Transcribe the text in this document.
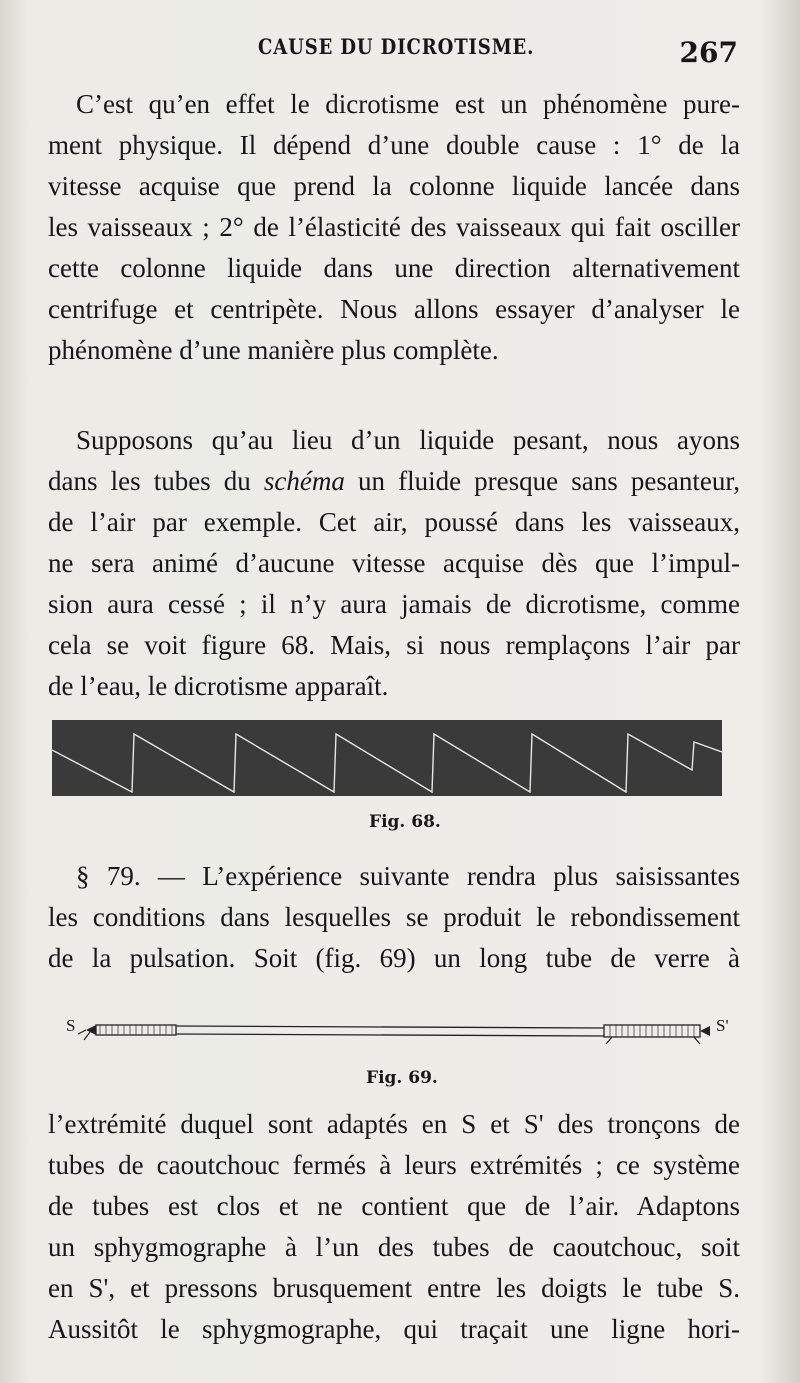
CAUSE DU DICROTISME.	267
C’est qu’en effet le dicrotisme est un phénomène pure-
ment physique. Il dépend d’une double cause : 1° de la
vitesse acquise que prend la colonne liquide lancée dans
les vaisseaux ; 2° de l’élasticité des vaisseaux qui fait osciller
cette colonne liquide dans une direction alternativement
centrifuge et centripète. Nous allons essayer d’analyser le
phénomène d’une manière plus complète.
Supposons qu’au lieu d’un liquide pesant, nous ayons
dans les tubes du schéma un fluide presque sans pesanteur,
de l’air par exemple. Cet air, poussé dans les vaisseaux,
ne sera animé d’aucune vitesse acquise dès que l’impul-
sion aura cessé ; il n’y aura jamais de dicrotisme, comme
cela se voit figure 68. Mais, si nous remplaçons l’air par
de l’eau, le dicrotisme apparaît.
Fig. 68.
§ 79. — L’expérience suivante rendra plus saisissantes
les conditions dans lesquelles se produit le rebondissement
de la pulsation. Soit (fig. 69) un long tube de verre à
S	S'
Fig. 69.
l’extrémité duquel sont adaptés en S et S' des tronçons de
tubes de caoutchouc fermés à leurs extrémités ; ce système
de tubes est clos et ne contient que de l’air. Adaptons
un sphygmographe à l’un des tubes de caoutchouc, soit
en S', et pressons brusquement entre les doigts le tube S.
Aussitôt le sphygmographe, qui traçait une ligne hori-
